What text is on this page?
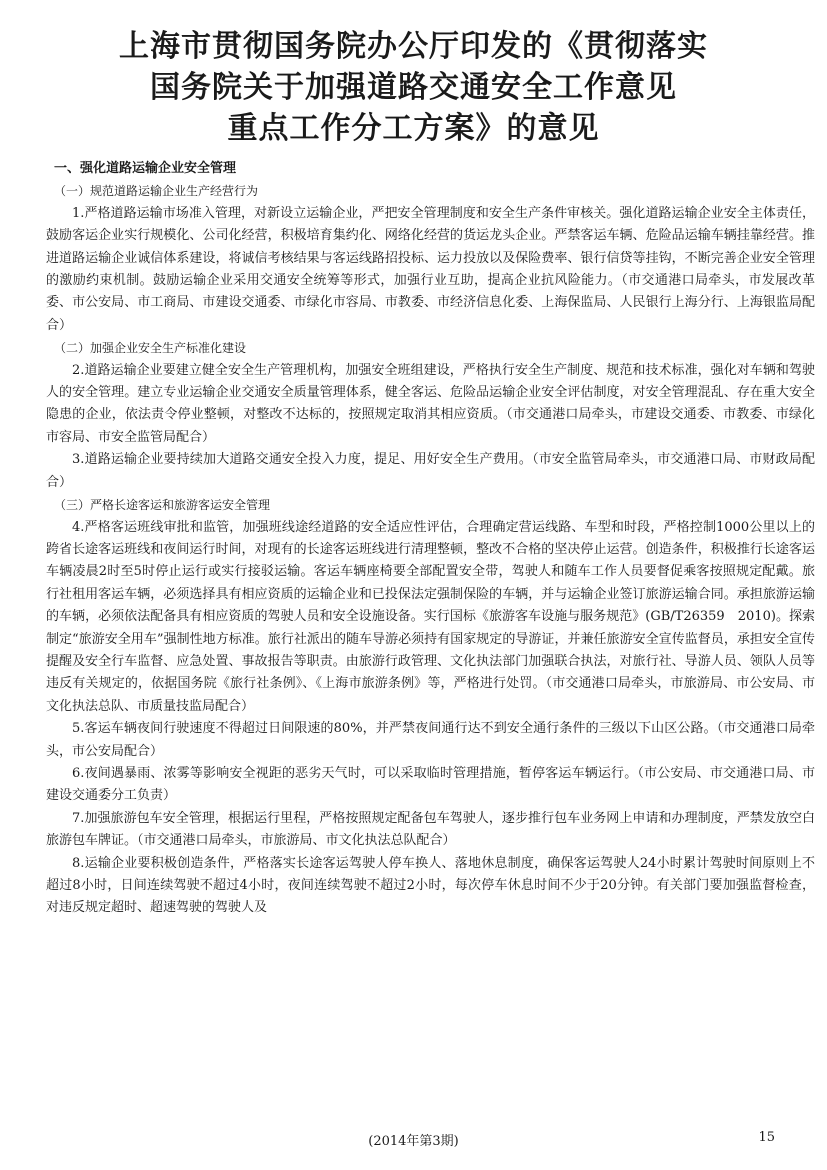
上海市贯彻国务院办公厅印发的《贯彻落实
国务院关于加强道路交通安全工作意见
重点工作分工方案》的意见

一、强化道路运输企业安全管理

（一）规范道路运输企业生产经营行为

1.严格道路运输市场准入管理，对新设立运输企业，严把安全管理制度和安全生产条件审核关。强化道路运输企业安全主体责任，鼓励客运企业实行规模化、公司化经营，积极培育集约化、网络化经营的货运龙头企业。严禁客运车辆、危险品运输车辆挂靠经营。推进道路运输企业诚信体系建设，将诚信考核结果与客运线路招投标、运力投放以及保险费率、银行信贷等挂钩，不断完善企业安全管理的激励约束机制。鼓励运输企业采用交通安全统筹等形式，加强行业互助，提高企业抗风险能力。（市交通港口局牵头，市发展改革委、市公安局、市工商局、市建设交通委、市绿化市容局、市教委、市经济信息化委、上海保监局、人民银行上海分行、上海银监局配合）

（二）加强企业安全生产标准化建设

2.道路运输企业要建立健全安全生产管理机构，加强安全班组建设，严格执行安全生产制度、规范和技术标准，强化对车辆和驾驶人的安全管理。建立专业运输企业交通安全质量管理体系，健全客运、危险品运输企业安全评估制度，对安全管理混乱、存在重大安全隐患的企业，依法责令停业整顿，对整改不达标的，按照规定取消其相应资质。（市交通港口局牵头，市建设交通委、市教委、市绿化市容局、市安全监管局配合）

3.道路运输企业要持续加大道路交通安全投入力度，提足、用好安全生产费用。（市安全监管局牵头，市交通港口局、市财政局配合）

（三）严格长途客运和旅游客运安全管理

4.严格客运班线审批和监管，加强班线途经道路的安全适应性评估，合理确定营运线路、车型和时段，严格控制1000公里以上的跨省长途客运班线和夜间运行时间，对现有的长途客运班线进行清理整顿，整改不合格的坚决停止运营。创造条件，积极推行长途客运车辆凌晨2时至5时停止运行或实行接驳运输。客运车辆座椅要全部配置安全带，驾驶人和随车工作人员要督促乘客按照规定配戴。旅行社租用客运车辆，必须选择具有相应资质的运输企业和已投保法定强制保险的车辆，并与运输企业签订旅游运输合同。承担旅游运输的车辆，必须依法配备具有相应资质的驾驶人员和安全设施设备。实行国标《旅游客车设施与服务规范》(GB/T26359　2010)。探索制定“旅游安全用车”强制性地方标准。旅行社派出的随车导游必须持有国家规定的导游证，并兼任旅游安全宣传监督员，承担安全宣传提醒及安全行车监督、应急处置、事故报告等职责。由旅游行政管理、文化执法部门加强联合执法，对旅行社、导游人员、领队人员等违反有关规定的，依据国务院《旅行社条例》、《上海市旅游条例》等，严格进行处罚。（市交通港口局牵头，市旅游局、市公安局、市文化执法总队、市质量技监局配合）

5.客运车辆夜间行驶速度不得超过日间限速的80%，并严禁夜间通行达不到安全通行条件的三级以下山区公路。（市交通港口局牵头，市公安局配合）

6.夜间遇暴雨、浓雾等影响安全视距的恶劣天气时，可以采取临时管理措施，暂停客运车辆运行。（市公安局、市交通港口局、市建设交通委分工负责）

7.加强旅游包车安全管理，根据运行里程，严格按照规定配备包车驾驶人，逐步推行包车业务网上申请和办理制度，严禁发放空白旅游包车牌证。（市交通港口局牵头，市旅游局、市文化执法总队配合）

8.运输企业要积极创造条件，严格落实长途客运驾驶人停车换人、落地休息制度，确保客运驾驶人24小时累计驾驶时间原则上不超过8小时，日间连续驾驶不超过4小时，夜间连续驾驶不超过2小时，每次停车休息时间不少于20分钟。有关部门要加强监督检查，对违反规定超时、超速驾驶的驾驶人及

(2014年第3期)	15
